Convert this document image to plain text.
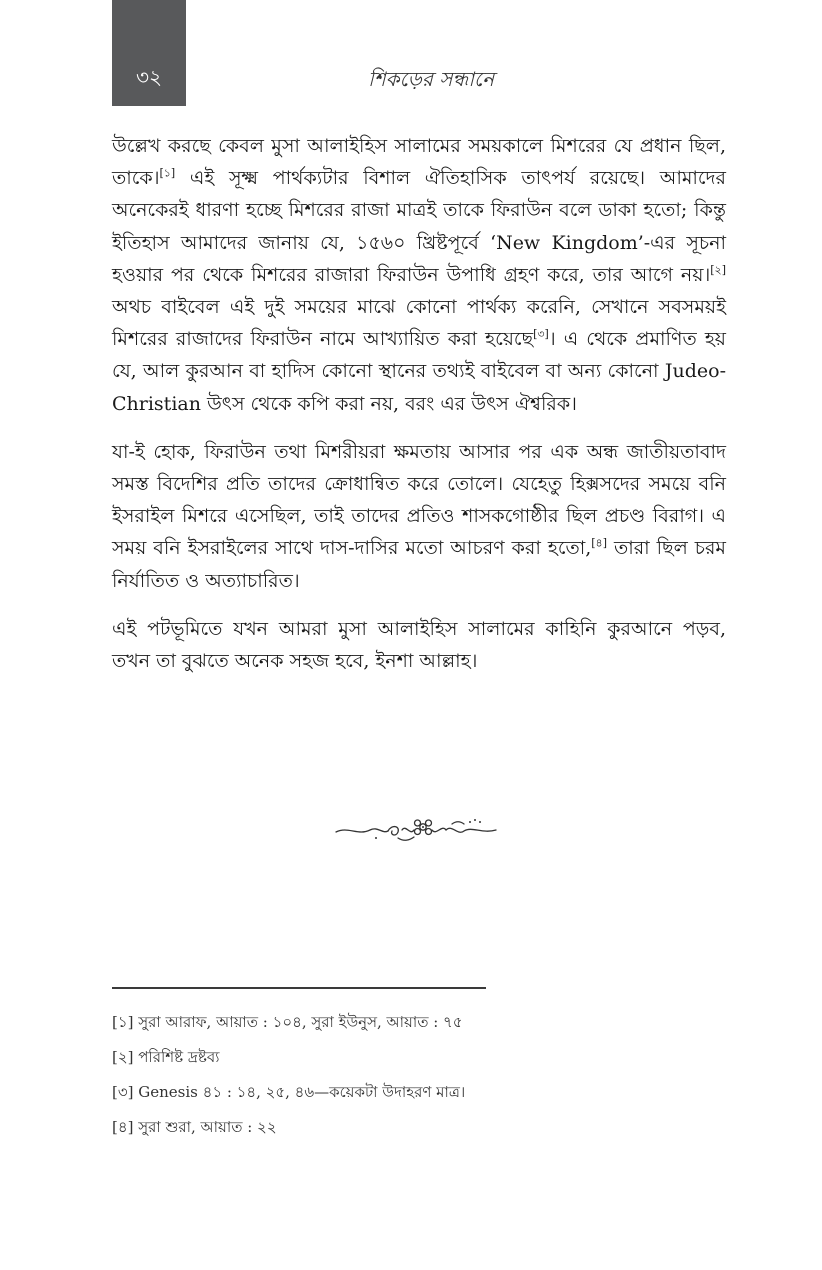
৩২	শিকড়ের সন্ধানে

উল্লেখ করছে কেবল মুসা আলাইহিস সালামের সময়কালে মিশরের যে প্রধান ছিল, তাকে।[১] এই সূক্ষ্ম পার্থক্যটার বিশাল ঐতিহাসিক তাৎপর্য রয়েছে। আমাদের অনেকেরই ধারণা হচ্ছে মিশরের রাজা মাত্রই তাকে ফিরাউন বলে ডাকা হতো; কিন্তু ইতিহাস আমাদের জানায় যে, ১৫৬০ খ্রিষ্টপূর্বে ‘New Kingdom’-এর সূচনা হওয়ার পর থেকে মিশরের রাজারা ফিরাউন উপাধি গ্রহণ করে, তার আগে নয়।[২] অথচ বাইবেল এই দুই সময়ের মাঝে কোনো পার্থক্য করেনি, সেখানে সবসময়ই মিশরের রাজাদের ফিরাউন নামে আখ্যায়িত করা হয়েছে[৩]। এ থেকে প্রমাণিত হয় যে, আল কুরআন বা হাদিস কোনো স্থানের তথ্যই বাইবেল বা অন্য কোনো Judeo-Christian উৎস থেকে কপি করা নয়, বরং এর উৎস ঐশ্বরিক।

যা-ই হোক, ফিরাউন তথা মিশরীয়রা ক্ষমতায় আসার পর এক অন্ধ জাতীয়তাবাদ সমস্ত বিদেশির প্রতি তাদের ক্রোধান্বিত করে তোলে। যেহেতু হিক্সসদের সময়ে বনি ইসরাইল মিশরে এসেছিল, তাই তাদের প্রতিও শাসকগোষ্ঠীর ছিল প্রচণ্ড বিরাগ। এ সময় বনি ইসরাইলের সাথে দাস-দাসির মতো আচরণ করা হতো,[৪] তারা ছিল চরম নির্যাতিত ও অত্যাচারিত।

এই পটভূমিতে যখন আমরা মুসা আলাইহিস সালামের কাহিনি কুরআনে পড়ব, তখন তা বুঝতে অনেক সহজ হবে, ইনশা আল্লাহ।

[১] সুরা আরাফ, আয়াত : ১০৪, সুরা ইউনুস, আয়াত : ৭৫

[২] পরিশিষ্ট দ্রষ্টব্য

[৩] Genesis ৪১ : ১৪, ২৫, ৪৬—কয়েকটা উদাহরণ মাত্র।

[৪] সুরা শুরা, আয়াত : ২২
